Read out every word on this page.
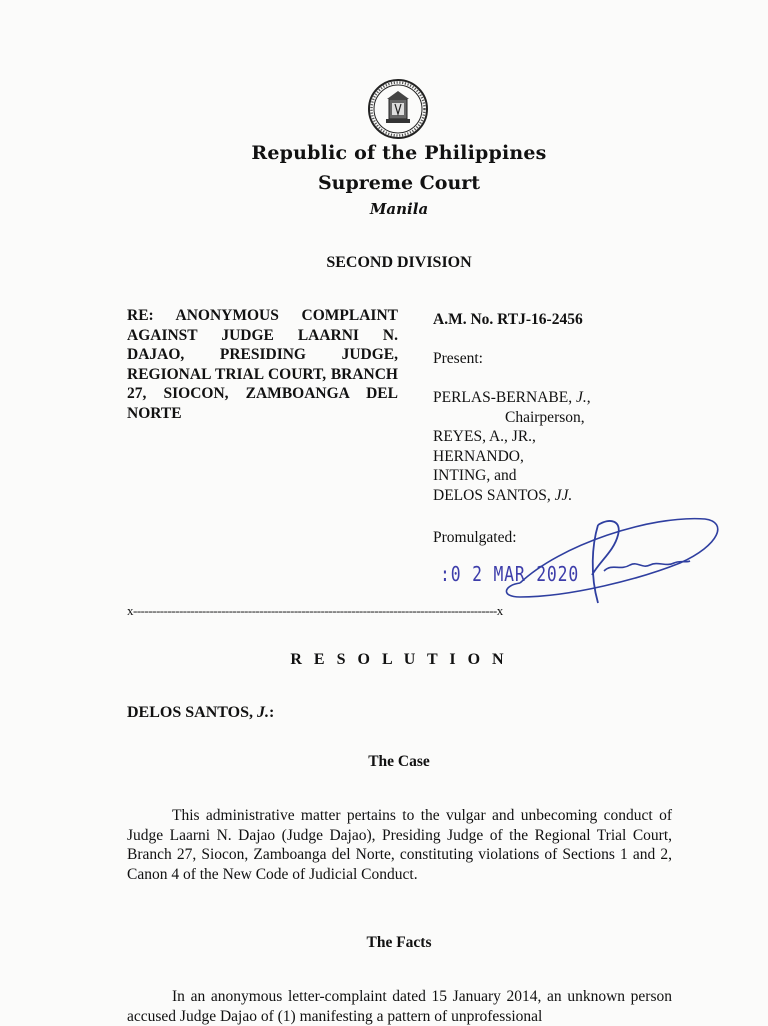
Republic of the Philippines
Supreme Court
Manila
SECOND DIVISION
RE: ANONYMOUS COMPLAINT AGAINST JUDGE LAARNI N. DAJAO, PRESIDING JUDGE, REGIONAL TRIAL COURT, BRANCH 27, SIOCON, ZAMBOANGA DEL NORTE
A.M. No. RTJ-16-2456
Present:
PERLAS-BERNABE, J.,
Chairperson,
REYES, A., JR.,
HERNANDO,
INTING, and
DELOS SANTOS, JJ.
Promulgated:
:0 2 MAR 2020
x-----------------------------------------------------------------------------------------------x
R E S O L U T I O N
DELOS SANTOS, J.:
The Case
This administrative matter pertains to the vulgar and unbecoming conduct of Judge Laarni N. Dajao (Judge Dajao), Presiding Judge of the Regional Trial Court, Branch 27, Siocon, Zamboanga del Norte, constituting violations of Sections 1 and 2, Canon 4 of the New Code of Judicial Conduct.
The Facts
In an anonymous letter-complaint dated 15 January 2014, an unknown person accused Judge Dajao of (1) manifesting a pattern of unprofessional
